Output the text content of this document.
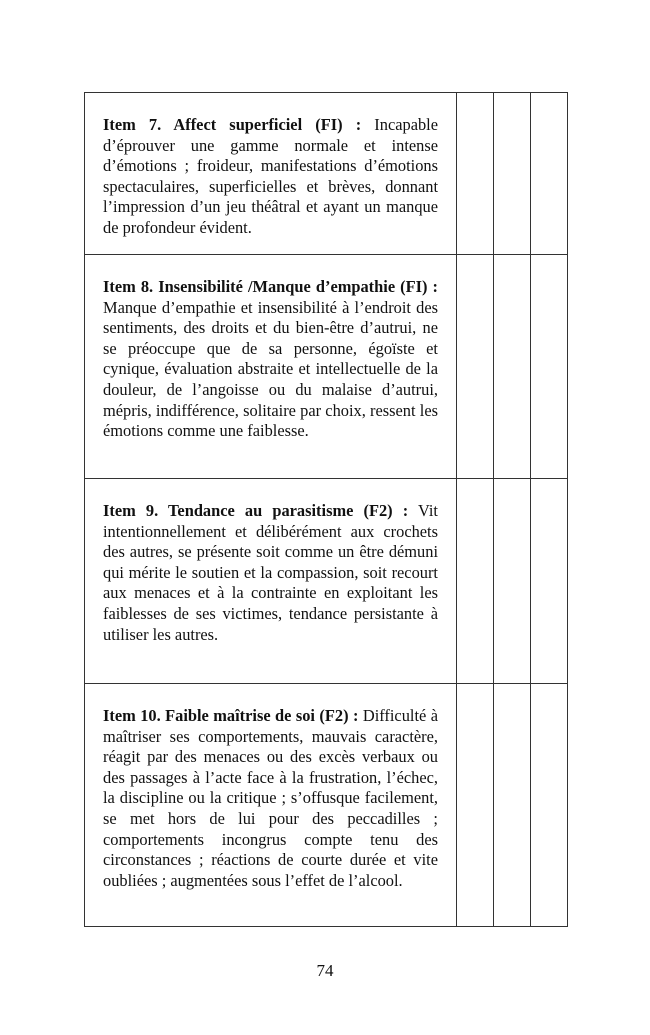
Item 7. Affect superficiel (FI) : Incapable d’éprouver une gamme normale et intense d’émotions ; froideur, manifestations d’émotions spectaculaires, superficielles et brèves, donnant l’impression d’un jeu théâtral et ayant un manque de profondeur évident.			

Item 8. Insensibilité /Manque d’empathie (FI) : Manque d’empathie et insensibilité à l’endroit des sentiments, des droits et du bien-être d’autrui, ne se préoccupe que de sa personne, égoïste et cynique, évaluation abstraite et intellectuelle de la douleur, de l’angoisse ou du malaise d’autrui, mépris, indifférence, solitaire par choix, ressent les émotions comme une faiblesse.			

Item 9. Tendance au parasitisme (F2) : Vit intentionnellement et délibérément aux crochets des autres, se présente soit comme un être démuni qui mérite le soutien et la compassion, soit recourt aux menaces et à la contrainte en exploitant les faiblesses de ses victimes, tendance persistante à utiliser les autres.			

Item 10. Faible maîtrise de soi (F2) : Difficulté à maîtriser ses comportements, mauvais caractère, réagit par des menaces ou des excès verbaux ou des passages à l’acte face à la frustration, l’échec, la discipline ou la critique ; s’offusque facilement, se met hors de lui pour des peccadilles ; comportements incongrus compte tenu des circonstances ; réactions de courte durée et vite oubliées ; augmentées sous l’effet de l’alcool.			

74
